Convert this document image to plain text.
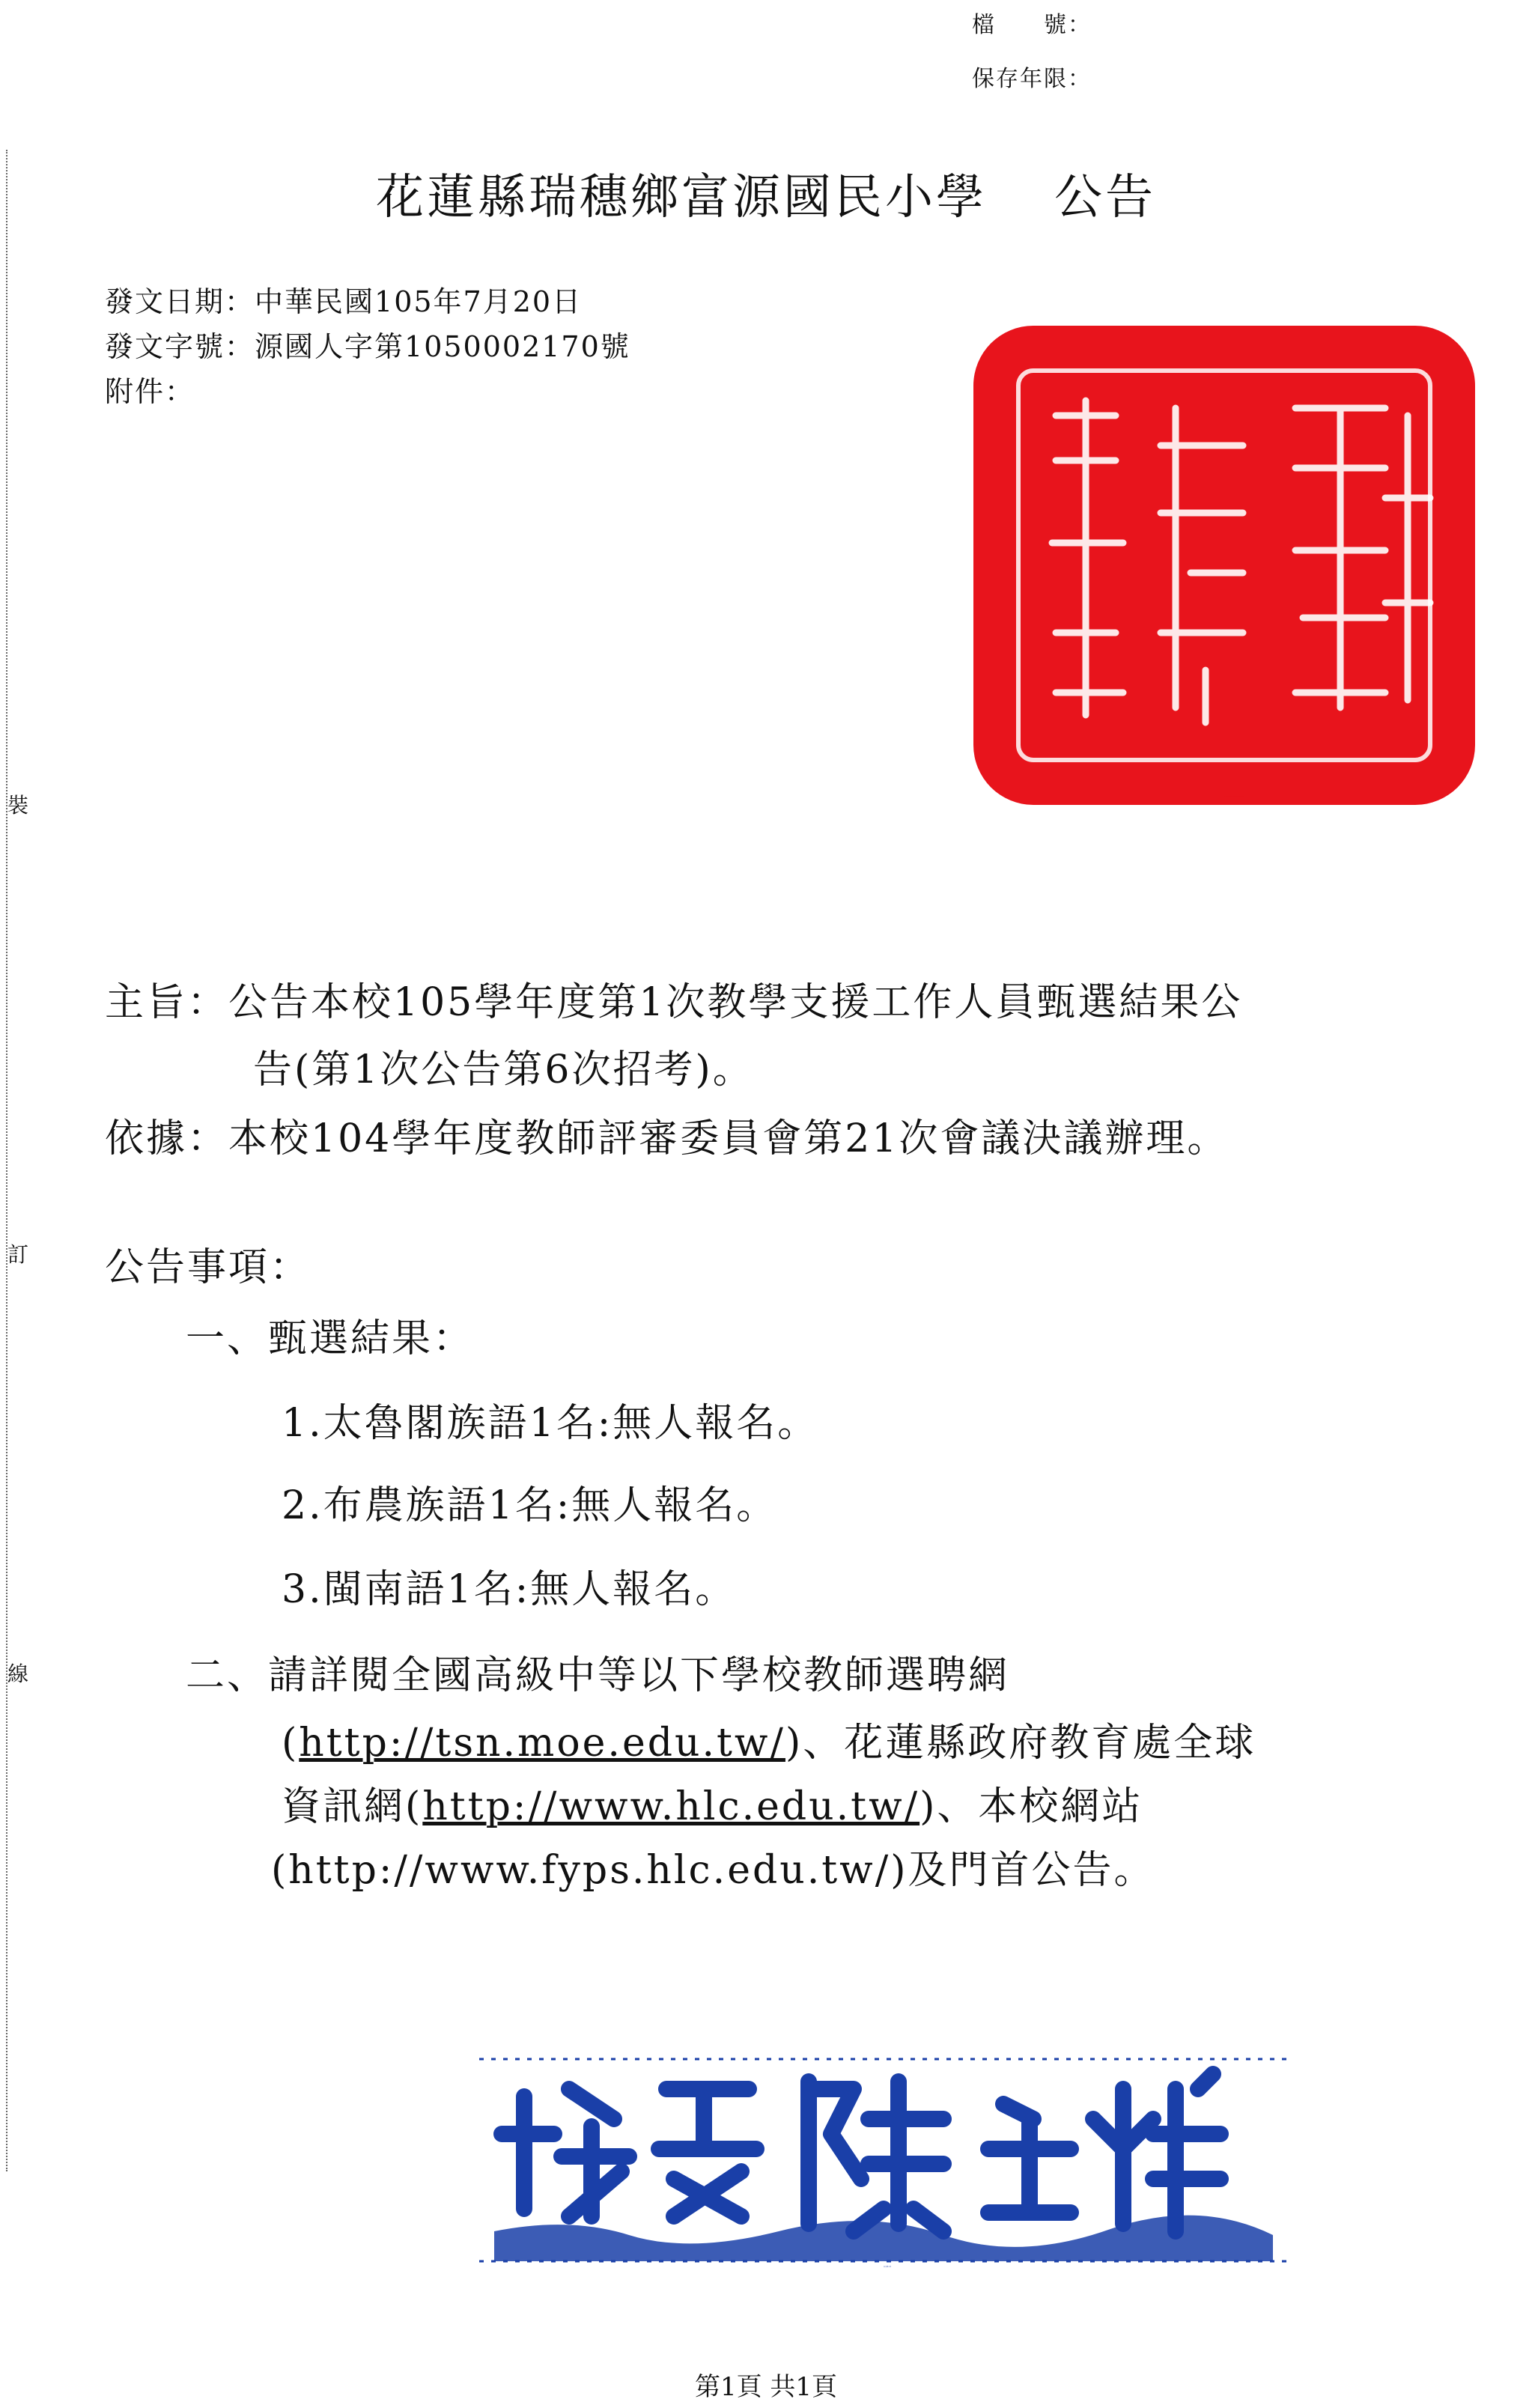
檔　　號：
保存年限：
花蓮縣瑞穗鄉富源國民小學 公告
發文日期：中華民國105年7月20日
發文字號：源國人字第1050002170號
附件：
裝
訂
線
花蓮縣瑞穗鄉富源國民小學印
主旨：公告本校105學年度第1次教學支援工作人員甄選結果公
告(第1次公告第6次招考)。
依據：本校104學年度教師評審委員會第21次會議決議辦理。
公告事項：
一、甄選結果：
1.太魯閣族語1名:無人報名。
2.布農族語1名:無人報名。
3.閩南語1名:無人報名。
二、請詳閱全國高級中等以下學校教師選聘網
(http://tsn.moe.edu.tw/)、花蓮縣政府教育處全球
資訊網(http://www.hlc.edu.tw/)、本校網站
(http://www.fyps.hlc.edu.tw/)及門首公告。
校長陳主烽
第1頁 共1頁
